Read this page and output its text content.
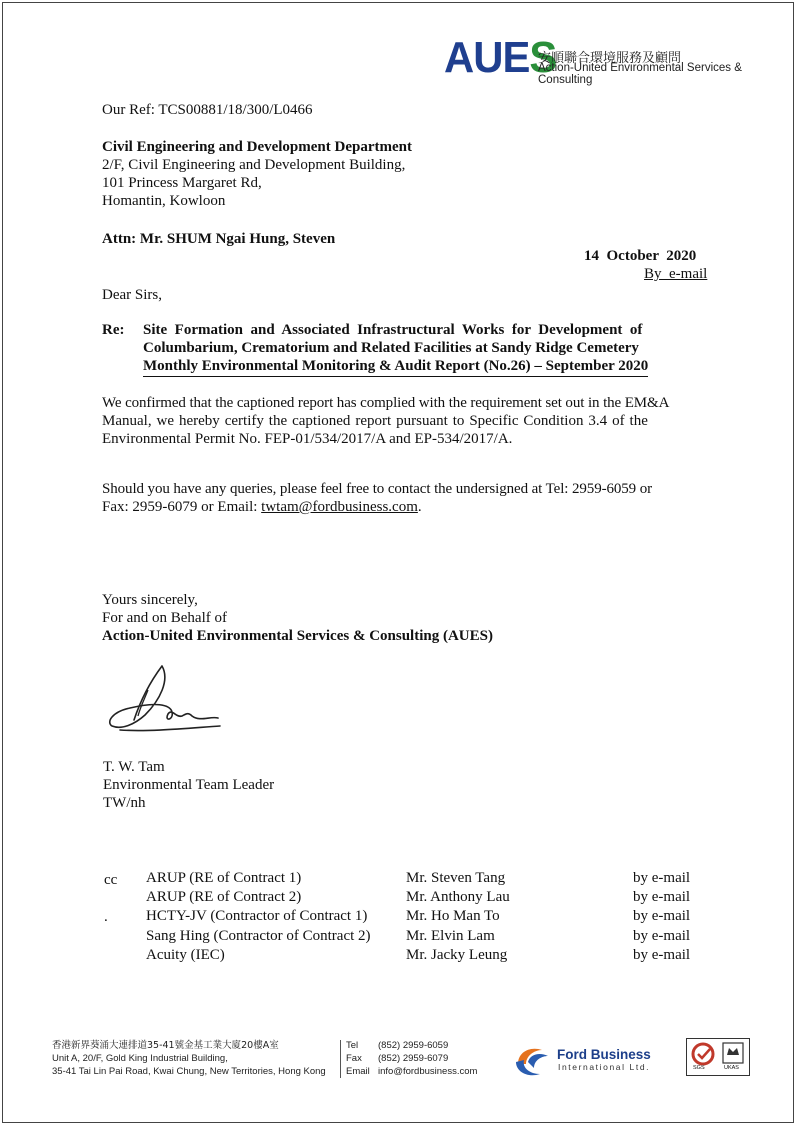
AUES
安順聯合環境服務及顧問
Action-United Environmental Services & Consulting
Our Ref: TCS00881/18/300/L0466
Civil Engineering and Development Department
2/F, Civil Engineering and Development Building,
101 Princess Margaret Rd,
Homantin, Kowloon
Attn: Mr. SHUM Ngai Hung, Steven
14  October  2020
By  e-mail
Dear Sirs,
Re: Site  Formation  and  Associated  Infrastructural  Works  for  Development  of
Columbarium, Crematorium and Related Facilities at Sandy Ridge Cemetery
Monthly Environmental Monitoring & Audit Report (No.26) – September 2020
We confirmed that the captioned report has complied with the requirement set out in the EM&A
Manual, we hereby certify the captioned report pursuant to Specific Condition 3.4 of the
Environmental Permit No. FEP-01/534/2017/A and EP-534/2017/A.
Should you have any queries, please feel free to contact the undersigned at Tel: 2959-6059 or
Fax: 2959-6079 or Email: twtam@fordbusiness.com.
Yours sincerely,
For and on Behalf of
Action-United Environmental Services & Consulting (AUES)
T. W. Tam
Environmental Team Leader
TW/nh
cc
.
ARUP (RE of Contract 1)	Mr. Steven Tang	by e-mail
ARUP (RE of Contract 2)	Mr. Anthony Lau	by e-mail
HCTY-JV (Contractor of Contract 1)	Mr. Ho Man To	by e-mail
Sang Hing (Contractor of Contract 2) Mr. Elvin Lam	by e-mail
Acuity (IEC)	Mr. Jacky Leung	by e-mail
香港新界葵涌大連排道35-41號金基工業大廈20樓A室
Unit A, 20/F, Gold King Industrial Building,
35-41 Tai Lin Pai Road, Kwai Chung, New Territories, Hong Kong
Tel (852) 2959-6059
Fax (852) 2959-6079
Email info@fordbusiness.com
Ford Business
International Ltd.	SGS	UKAS
